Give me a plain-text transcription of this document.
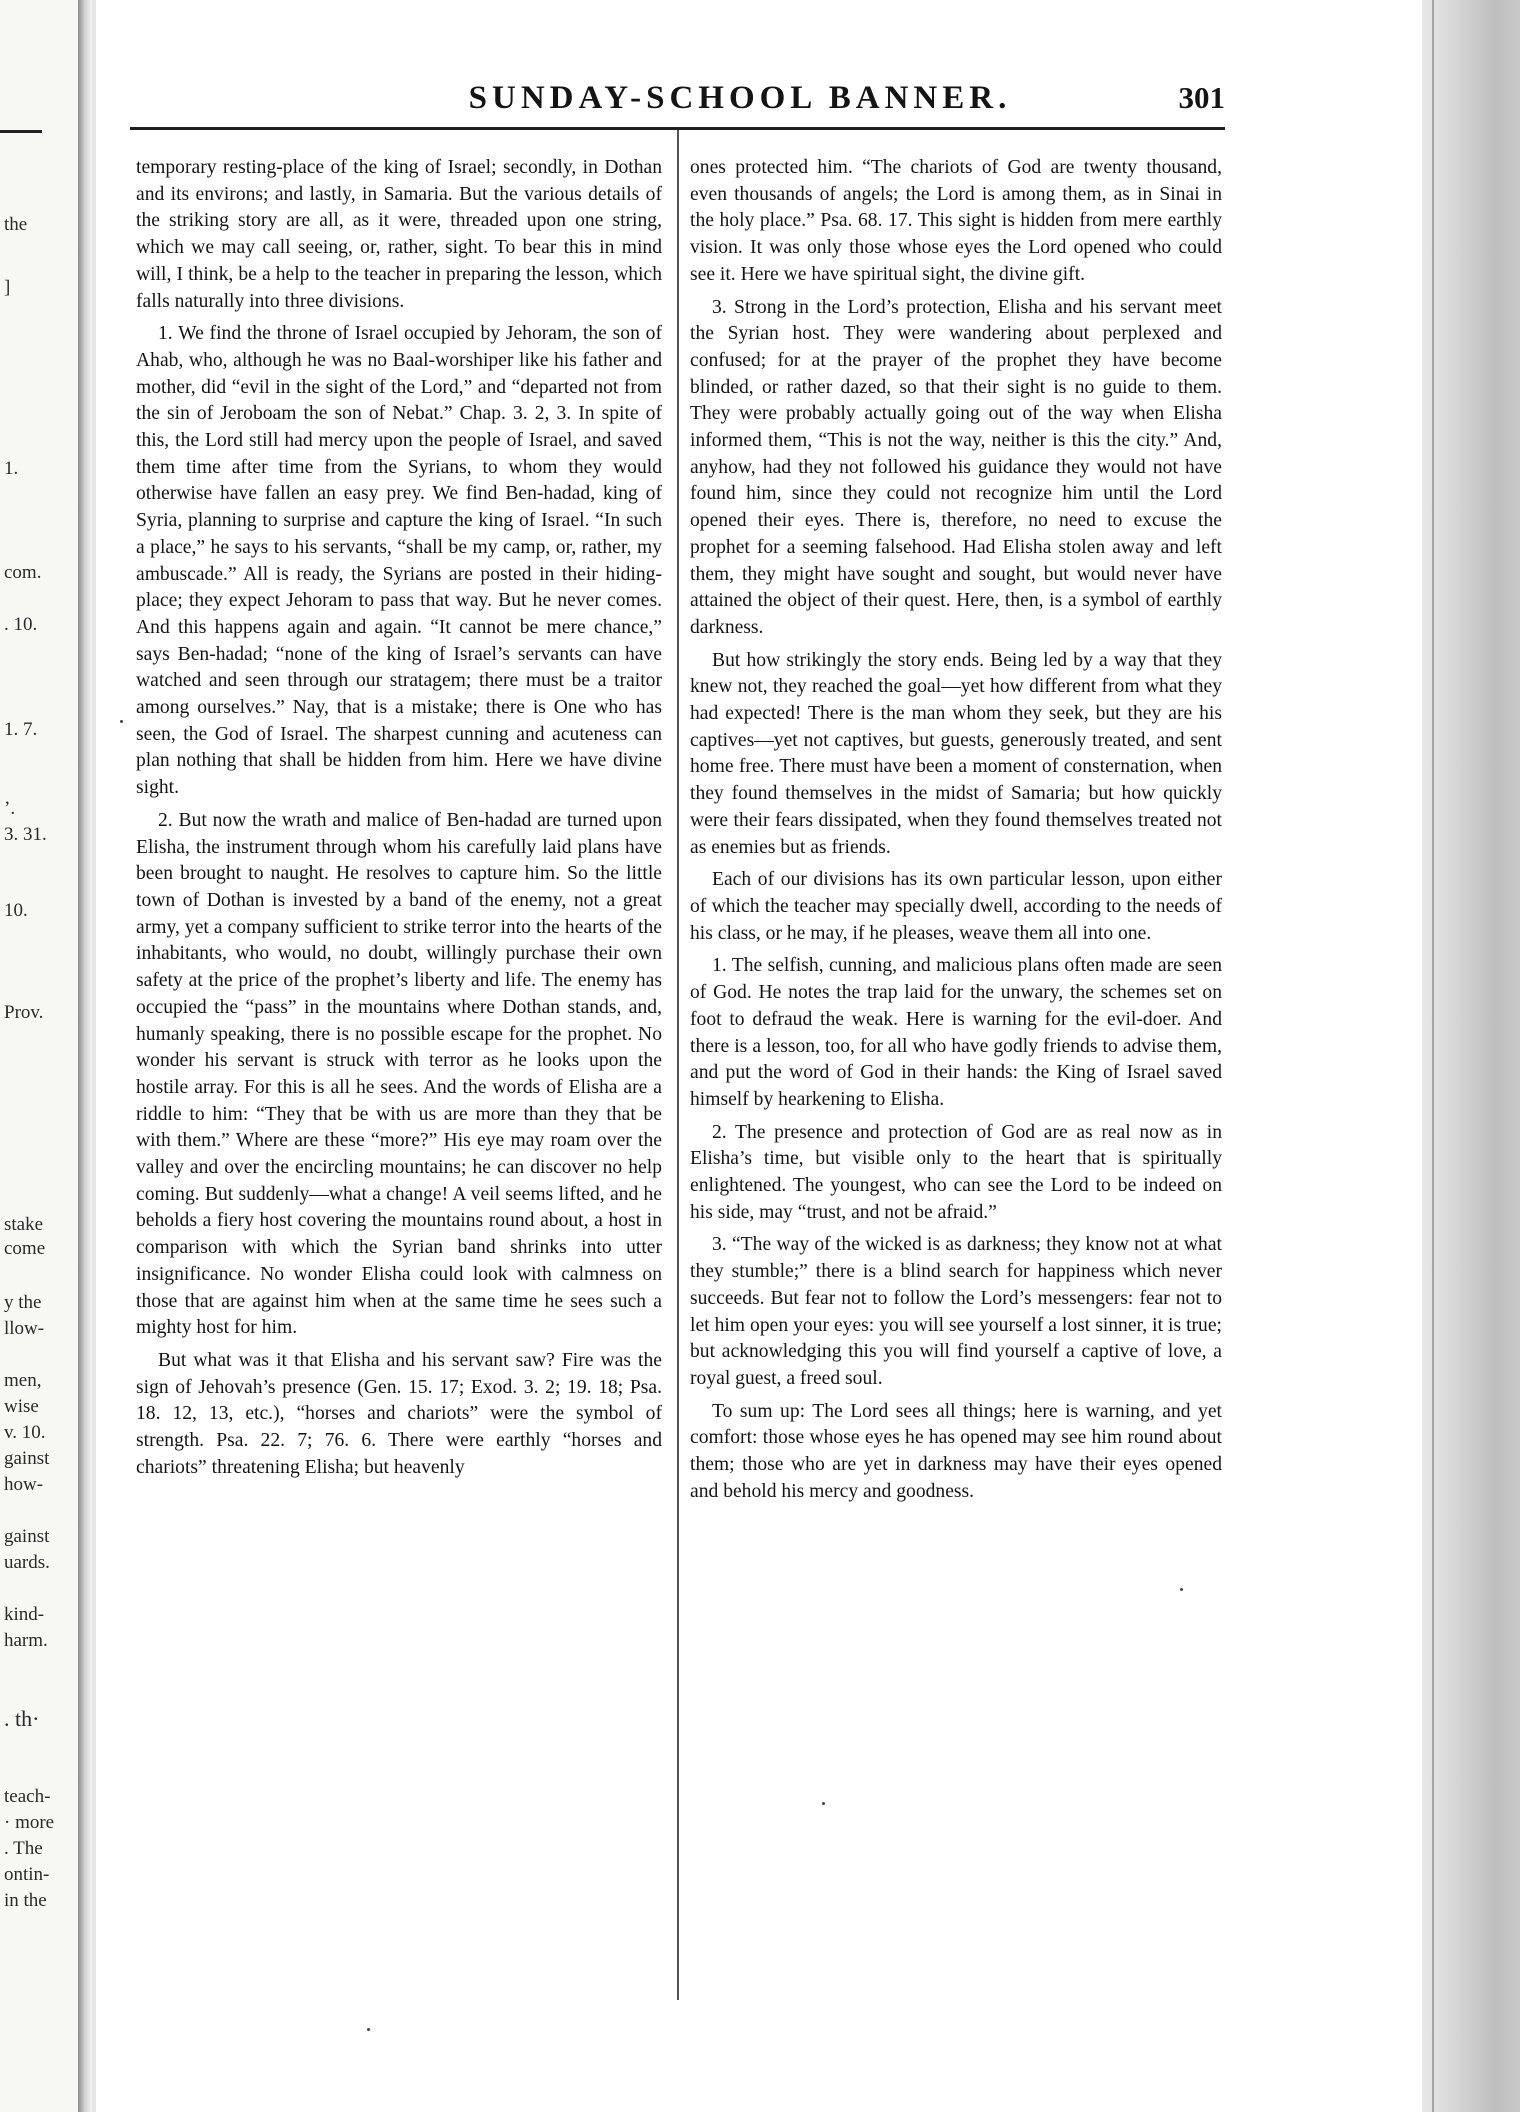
the
]
1.
com.
. 10.
1. 7.
’.
3. 31.
10.
Prov.
stake
come
y the
llow-
men,
wise
v. 10.
gainst
how-
gainst
uards.
kind-
harm.
. th·
teach-
· more
. The
ontin-
in the
SUNDAY-SCHOOL BANNER.	301

temporary resting-place of the king of Israel; secondly, in Dothan and its environs; and lastly, in Samaria. But the various details of the striking story are all, as it were, threaded upon one string, which we may call seeing, or, rather, sight. To bear this in mind will, I think, be a help to the teacher in preparing the lesson, which falls naturally into three divisions.

1. We find the throne of Israel occupied by Jehoram, the son of Ahab, who, although he was no Baal-worshiper like his father and mother, did “evil in the sight of the Lord,” and “departed not from the sin of Jeroboam the son of Nebat.” Chap. 3. 2, 3. In spite of this, the Lord still had mercy upon the people of Israel, and saved them time after time from the Syrians, to whom they would otherwise have fallen an easy prey. We find Ben-hadad, king of Syria, planning to surprise and capture the king of Israel. “In such a place,” he says to his servants, “shall be my camp, or, rather, my ambuscade.” All is ready, the Syrians are posted in their hiding-place; they expect Jehoram to pass that way. But he never comes. And this happens again and again. “It cannot be mere chance,” says Ben-hadad; “none of the king of Israel’s servants can have watched and seen through our stratagem; there must be a traitor among ourselves.” Nay, that is a mistake; there is One who has seen, the God of Israel. The sharpest cunning and acuteness can plan nothing that shall be hidden from him. Here we have divine sight.

2. But now the wrath and malice of Ben-hadad are turned upon Elisha, the instrument through whom his carefully laid plans have been brought to naught. He resolves to capture him. So the little town of Dothan is invested by a band of the enemy, not a great army, yet a company sufficient to strike terror into the hearts of the inhabitants, who would, no doubt, willingly purchase their own safety at the price of the prophet’s liberty and life. The enemy has occupied the “pass” in the mountains where Dothan stands, and, humanly speaking, there is no possible escape for the prophet. No wonder his servant is struck with terror as he looks upon the hostile array. For this is all he sees. And the words of Elisha are a riddle to him: “They that be with us are more than they that be with them.” Where are these “more?” His eye may roam over the valley and over the encircling mountains; he can discover no help coming. But suddenly—what a change! A veil seems lifted, and he beholds a fiery host covering the mountains round about, a host in comparison with which the Syrian band shrinks into utter insignificance. No wonder Elisha could look with calmness on those that are against him when at the same time he sees such a mighty host for him.

But what was it that Elisha and his servant saw? Fire was the sign of Jehovah’s presence (Gen. 15. 17; Exod. 3. 2; 19. 18; Psa. 18. 12, 13, etc.), “horses and chariots” were the symbol of strength. Psa. 22. 7; 76. 6. There were earthly “horses and chariots” threatening Elisha; but heavenly

ones protected him. “The chariots of God are twenty thousand, even thousands of angels; the Lord is among them, as in Sinai in the holy place.” Psa. 68. 17. This sight is hidden from mere earthly vision. It was only those whose eyes the Lord opened who could see it. Here we have spiritual sight, the divine gift.

3. Strong in the Lord’s protection, Elisha and his servant meet the Syrian host. They were wandering about perplexed and confused; for at the prayer of the prophet they have become blinded, or rather dazed, so that their sight is no guide to them. They were probably actually going out of the way when Elisha informed them, “This is not the way, neither is this the city.” And, anyhow, had they not followed his guidance they would not have found him, since they could not recognize him until the Lord opened their eyes. There is, therefore, no need to excuse the prophet for a seeming falsehood. Had Elisha stolen away and left them, they might have sought and sought, but would never have attained the object of their quest. Here, then, is a symbol of earthly darkness.

But how strikingly the story ends. Being led by a way that they knew not, they reached the goal—yet how different from what they had expected! There is the man whom they seek, but they are his captives—yet not captives, but guests, generously treated, and sent home free. There must have been a moment of consternation, when they found themselves in the midst of Samaria; but how quickly were their fears dissipated, when they found themselves treated not as enemies but as friends.

Each of our divisions has its own particular lesson, upon either of which the teacher may specially dwell, according to the needs of his class, or he may, if he pleases, weave them all into one.

1. The selfish, cunning, and malicious plans often made are seen of God. He notes the trap laid for the unwary, the schemes set on foot to defraud the weak. Here is warning for the evil-doer. And there is a lesson, too, for all who have godly friends to advise them, and put the word of God in their hands: the King of Israel saved himself by hearkening to Elisha.

2. The presence and protection of God are as real now as in Elisha’s time, but visible only to the heart that is spiritually enlightened. The youngest, who can see the Lord to be indeed on his side, may “trust, and not be afraid.”

3. “The way of the wicked is as darkness; they know not at what they stumble;” there is a blind search for happiness which never succeeds. But fear not to follow the Lord’s messengers: fear not to let him open your eyes: you will see yourself a lost sinner, it is true; but acknowledging this you will find yourself a captive of love, a royal guest, a freed soul.

To sum up: The Lord sees all things; here is warning, and yet comfort: those whose eyes he has opened may see him round about them; those who are yet in darkness may have their eyes opened and behold his mercy and goodness.
